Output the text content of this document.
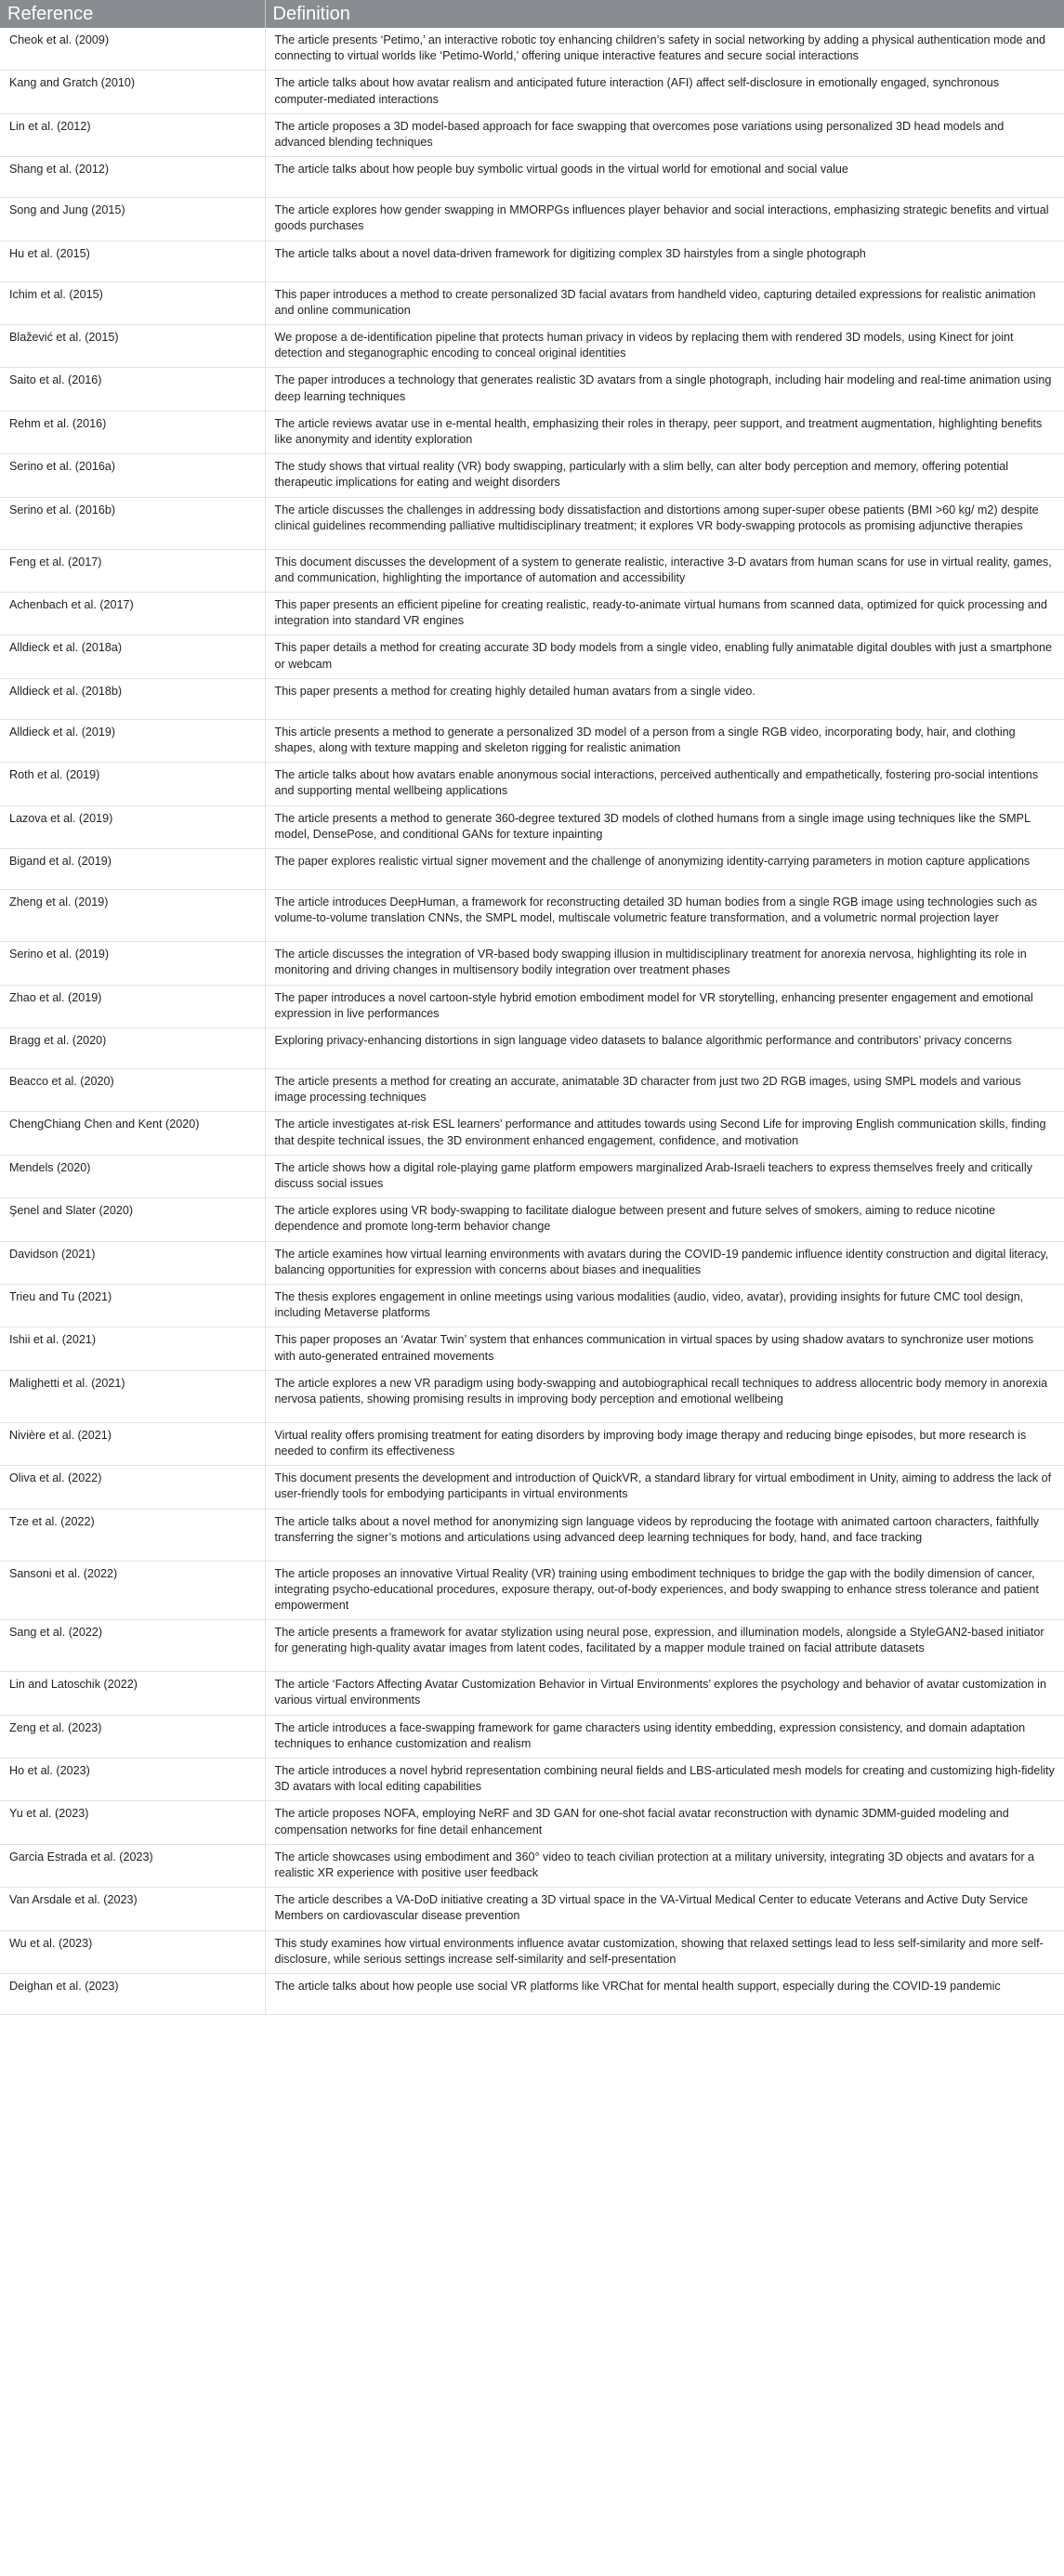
Reference	Definition
Cheok et al. (2009)	The article presents ‘Petimo,’ an interactive robotic toy enhancing children’s safety in social networking by adding a physical authentication mode and connecting to virtual worlds like ‘Petimo-World,’ offering unique interactive features and secure social interactions
Kang and Gratch (2010)	The article talks about how avatar realism and anticipated future interaction (AFI) affect self-disclosure in emotionally engaged, synchronous computer-mediated interactions
Lin et al. (2012)	The article proposes a 3D model-based approach for face swapping that overcomes pose variations using personalized 3D head models and advanced blending techniques
Shang et al. (2012)	The article talks about how people buy symbolic virtual goods in the virtual world for emotional and social value
Song and Jung (2015)	The article explores how gender swapping in MMORPGs influences player behavior and social interactions, emphasizing strategic benefits and virtual goods purchases
Hu et al. (2015)	The article talks about a novel data-driven framework for digitizing complex 3D hairstyles from a single photograph
Ichim et al. (2015)	This paper introduces a method to create personalized 3D facial avatars from handheld video, capturing detailed expressions for realistic animation and online communication
Blažević et al. (2015)	We propose a de-identification pipeline that protects human privacy in videos by replacing them with rendered 3D models, using Kinect for joint detection and steganographic encoding to conceal original identities
Saito et al. (2016)	The paper introduces a technology that generates realistic 3D avatars from a single photograph, including hair modeling and real-time animation using deep learning techniques
Rehm et al. (2016)	The article reviews avatar use in e-mental health, emphasizing their roles in therapy, peer support, and treatment augmentation, highlighting benefits like anonymity and identity exploration
Serino et al. (2016a)	The study shows that virtual reality (VR) body swapping, particularly with a slim belly, can alter body perception and memory, offering potential therapeutic implications for eating and weight disorders
Serino et al. (2016b)	The article discusses the challenges in addressing body dissatisfaction and distortions among super-super obese patients (BMI >60 kg/ m2) despite clinical guidelines recommending palliative multidisciplinary treatment; it explores VR body-swapping protocols as promising adjunctive therapies
Feng et al. (2017)	This document discusses the development of a system to generate realistic, interactive 3-D avatars from human scans for use in virtual reality, games, and communication, highlighting the importance of automation and accessibility
Achenbach et al. (2017)	This paper presents an efficient pipeline for creating realistic, ready-to-animate virtual humans from scanned data, optimized for quick processing and integration into standard VR engines
Alldieck et al. (2018a)	This paper details a method for creating accurate 3D body models from a single video, enabling fully animatable digital doubles with just a smartphone or webcam
Alldieck et al. (2018b)	This paper presents a method for creating highly detailed human avatars from a single video.
Alldieck et al. (2019)	This article presents a method to generate a personalized 3D model of a person from a single RGB video, incorporating body, hair, and clothing shapes, along with texture mapping and skeleton rigging for realistic animation
Roth et al. (2019)	The article talks about how avatars enable anonymous social interactions, perceived authentically and empathetically, fostering pro-social intentions and supporting mental wellbeing applications
Lazova et al. (2019)	The article presents a method to generate 360-degree textured 3D models of clothed humans from a single image using techniques like the SMPL model, DensePose, and conditional GANs for texture inpainting
Bigand et al. (2019)	The paper explores realistic virtual signer movement and the challenge of anonymizing identity-carrying parameters in motion capture applications
Zheng et al. (2019)	The article introduces DeepHuman, a framework for reconstructing detailed 3D human bodies from a single RGB image using technologies such as volume-to-volume translation CNNs, the SMPL model, multiscale volumetric feature transformation, and a volumetric normal projection layer
Serino et al. (2019)	The article discusses the integration of VR-based body swapping illusion in multidisciplinary treatment for anorexia nervosa, highlighting its role in monitoring and driving changes in multisensory bodily integration over treatment phases
Zhao et al. (2019)	The paper introduces a novel cartoon-style hybrid emotion embodiment model for VR storytelling, enhancing presenter engagement and emotional expression in live performances
Bragg et al. (2020)	Exploring privacy-enhancing distortions in sign language video datasets to balance algorithmic performance and contributors’ privacy concerns
Beacco et al. (2020)	The article presents a method for creating an accurate, animatable 3D character from just two 2D RGB images, using SMPL models and various image processing techniques
ChengChiang Chen and Kent (2020)	The article investigates at-risk ESL learners’ performance and attitudes towards using Second Life for improving English communication skills, finding that despite technical issues, the 3D environment enhanced engagement, confidence, and motivation
Mendels (2020)	The article shows how a digital role-playing game platform empowers marginalized Arab-Israeli teachers to express themselves freely and critically discuss social issues
Şenel and Slater (2020)	The article explores using VR body-swapping to facilitate dialogue between present and future selves of smokers, aiming to reduce nicotine dependence and promote long-term behavior change
Davidson (2021)	The article examines how virtual learning environments with avatars during the COVID-19 pandemic influence identity construction and digital literacy, balancing opportunities for expression with concerns about biases and inequalities
Trieu and Tu (2021)	The thesis explores engagement in online meetings using various modalities (audio, video, avatar), providing insights for future CMC tool design, including Metaverse platforms
Ishii et al. (2021)	This paper proposes an ‘Avatar Twin’ system that enhances communication in virtual spaces by using shadow avatars to synchronize user motions with auto-generated entrained movements
Malighetti et al. (2021)	The article explores a new VR paradigm using body-swapping and autobiographical recall techniques to address allocentric body memory in anorexia nervosa patients, showing promising results in improving body perception and emotional wellbeing
Nivière et al. (2021)	Virtual reality offers promising treatment for eating disorders by improving body image therapy and reducing binge episodes, but more research is needed to confirm its effectiveness
Oliva et al. (2022)	This document presents the development and introduction of QuickVR, a standard library for virtual embodiment in Unity, aiming to address the lack of user-friendly tools for embodying participants in virtual environments
Tze et al. (2022)	The article talks about a novel method for anonymizing sign language videos by reproducing the footage with animated cartoon characters, faithfully transferring the signer’s motions and articulations using advanced deep learning techniques for body, hand, and face tracking
Sansoni et al. (2022)	The article proposes an innovative Virtual Reality (VR) training using embodiment techniques to bridge the gap with the bodily dimension of cancer, integrating psycho-educational procedures, exposure therapy, out-of-body experiences, and body swapping to enhance stress tolerance and patient empowerment
Sang et al. (2022)	The article presents a framework for avatar stylization using neural pose, expression, and illumination models, alongside a StyleGAN2-based initiator for generating high-quality avatar images from latent codes, facilitated by a mapper module trained on facial attribute datasets
Lin and Latoschik (2022)	The article ‘Factors Affecting Avatar Customization Behavior in Virtual Environments’ explores the psychology and behavior of avatar customization in various virtual environments
Zeng et al. (2023)	The article introduces a face-swapping framework for game characters using identity embedding, expression consistency, and domain adaptation techniques to enhance customization and realism
Ho et al. (2023)	The article introduces a novel hybrid representation combining neural fields and LBS-articulated mesh models for creating and customizing high-fidelity 3D avatars with local editing capabilities
Yu et al. (2023)	The article proposes NOFA, employing NeRF and 3D GAN for one-shot facial avatar reconstruction with dynamic 3DMM-guided modeling and compensation networks for fine detail enhancement
Garcia Estrada et al. (2023)	The article showcases using embodiment and 360° video to teach civilian protection at a military university, integrating 3D objects and avatars for a realistic XR experience with positive user feedback
Van Arsdale et al. (2023)	The article describes a VA-DoD initiative creating a 3D virtual space in the VA-Virtual Medical Center to educate Veterans and Active Duty Service Members on cardiovascular disease prevention
Wu et al. (2023)	This study examines how virtual environments influence avatar customization, showing that relaxed settings lead to less self-similarity and more self-disclosure, while serious settings increase self-similarity and self-presentation
Deighan et al. (2023)	The article talks about how people use social VR platforms like VRChat for mental health support, especially during the COVID-19 pandemic
